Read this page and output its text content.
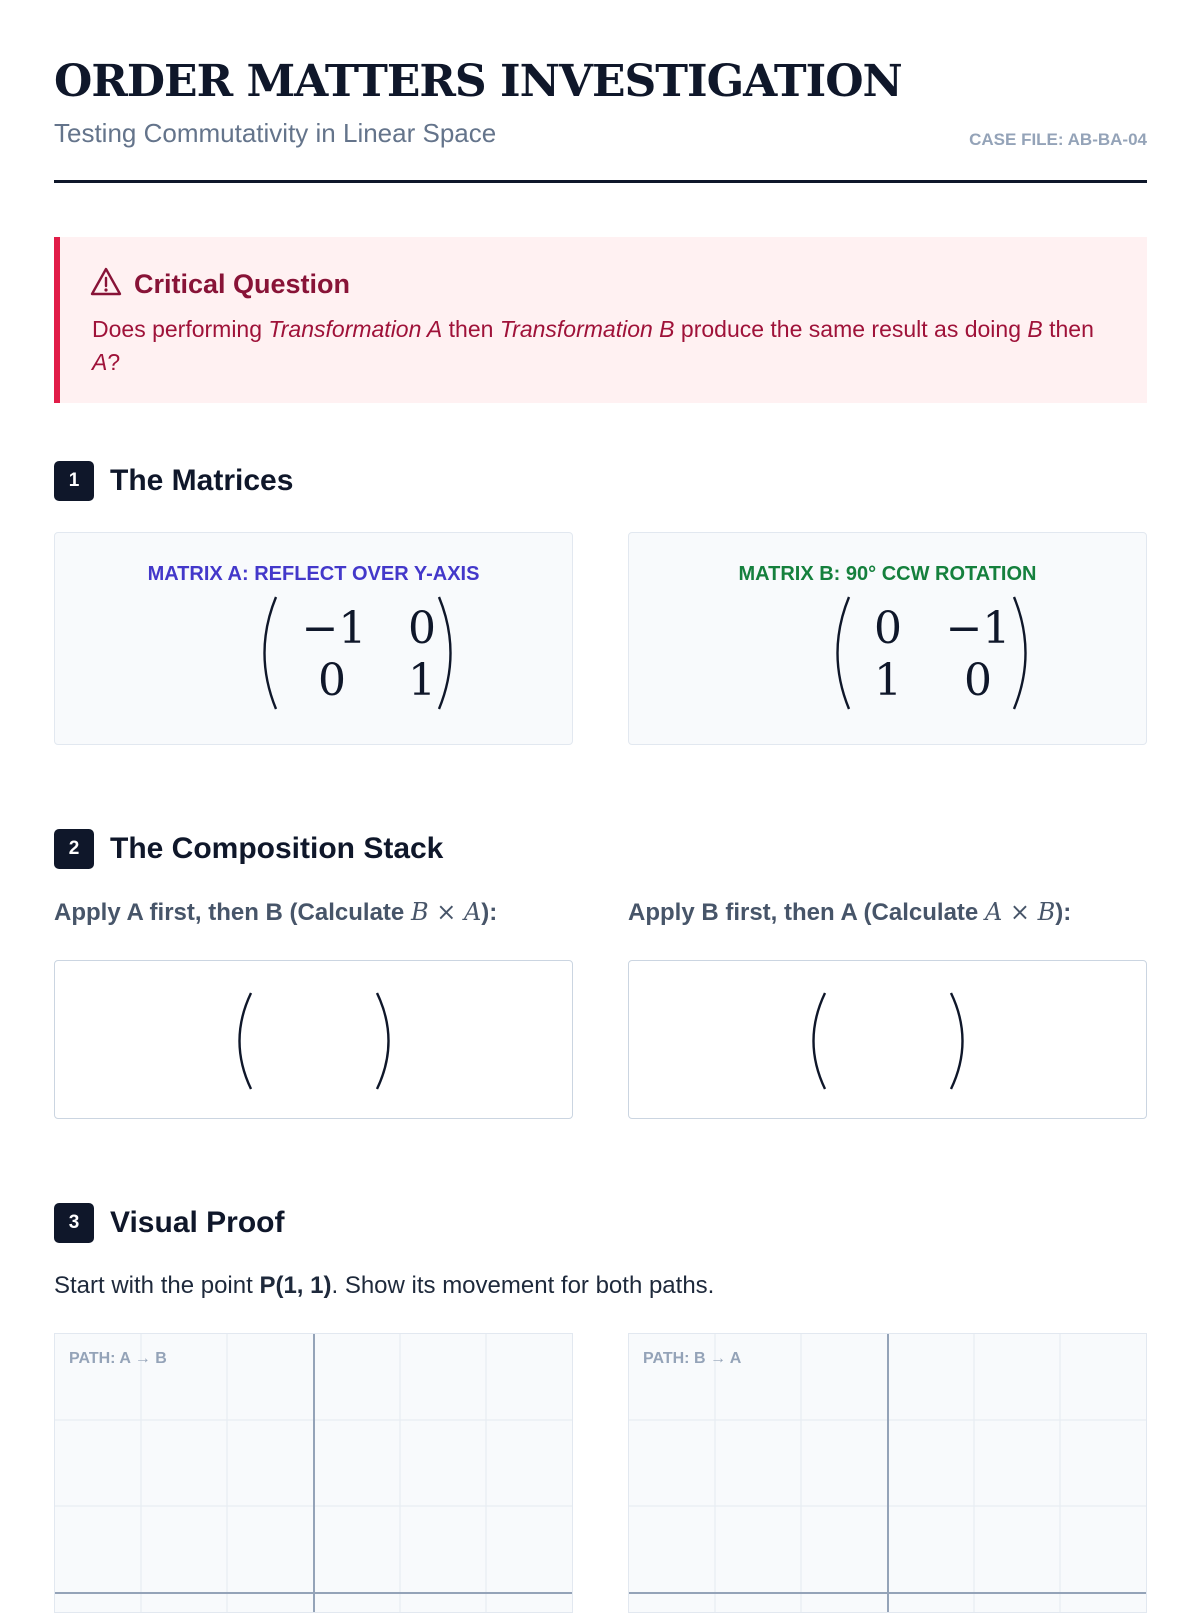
ORDER MATTERS INVESTIGATION
Testing Commutativity in Linear Space	CASE FILE: AB-BA-04
Critical Question
Does performing Transformation A then Transformation B produce the same result as doing B then A?
1	The Matrices
MATRIX A: REFLECT OVER Y-AXIS
−1 0
0 1
MATRIX B: 90° CCW ROTATION
0 −1
1 0
2	The Composition Stack
Apply A first, then B (Calculate B × A):	Apply B first, then A (Calculate A × B):
3	Visual Proof
Start with the point P(1, 1). Show its movement for both paths.
PATH: A → B	PATH: B → A
